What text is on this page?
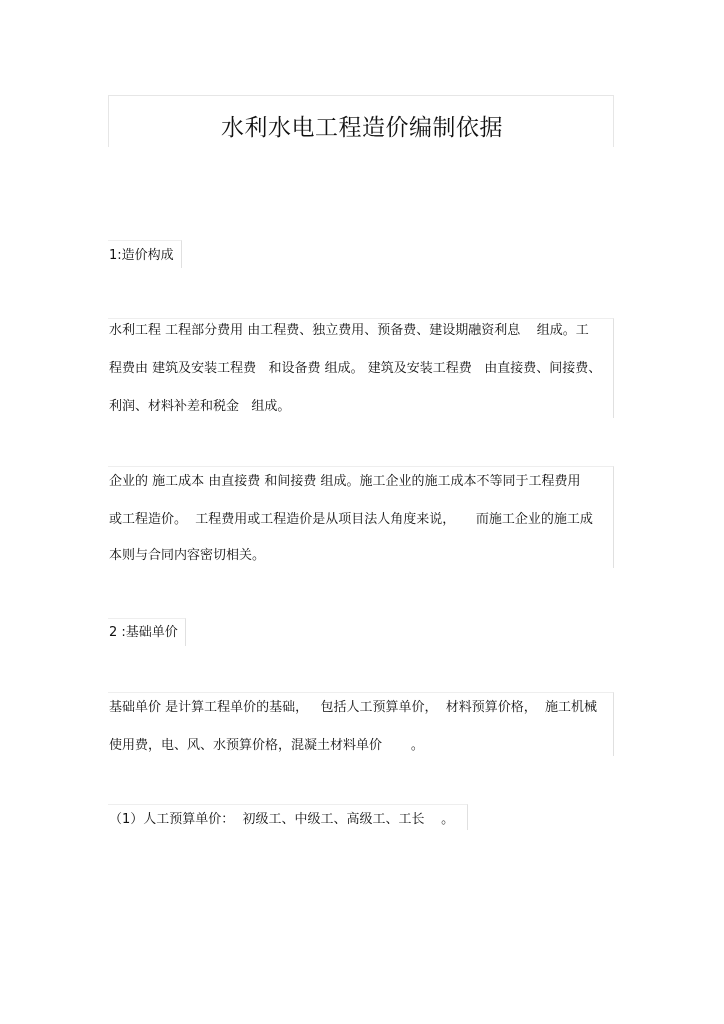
水利水电工程造价编制依据
1:造价构成
水利工程 工程部分费用 由工程费、独立费用、预备费、建设期融资利息    组成。工
程费由 建筑及安装工程费   和设备费 组成。 建筑及安装工程费   由直接费、间接费、
利润、材料补差和税金   组成。
企业的 施工成本 由直接费 和间接费 组成。施工企业的施工成本不等同于工程费用
或工程造价。  工程费用或工程造价是从项目法人角度来说，     而施工企业的施工成
本则与合同内容密切相关。
2 :基础单价
基础单价 是计算工程单价的基础，   包括人工预算单价，  材料预算价格，  施工机械
使用费，电、风、水预算价格，混凝土材料单价       。
（1）人工预算单价：  初级工、中级工、高级工、工长    。
